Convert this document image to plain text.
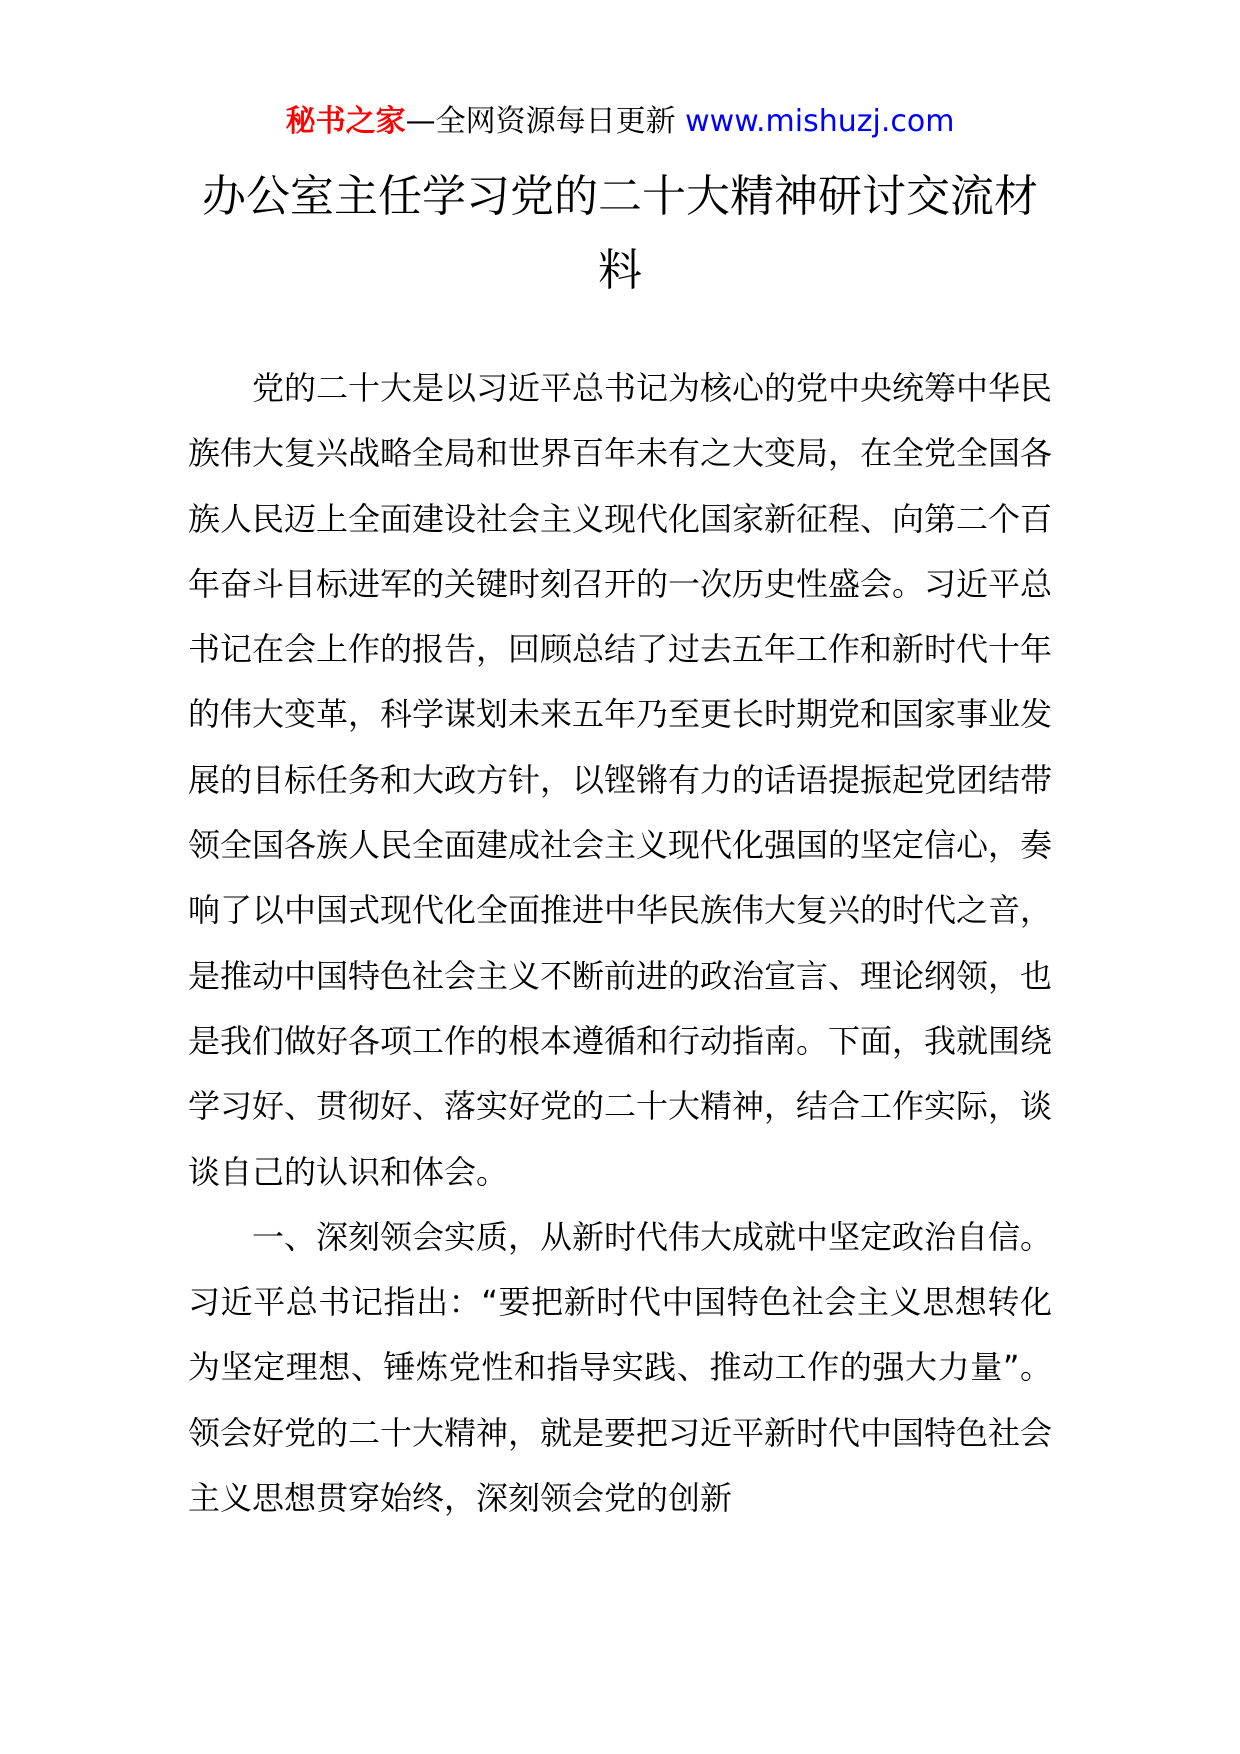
秘书之家—全网资源每日更新 www.mishuzj.com
办公室主任学习党的二十大精神研讨交流材料

党的二十大是以习近平总书记为核心的党中央统筹中华民族伟大复兴战略全局和世界百年未有之大变局，在全党全国各族人民迈上全面建设社会主义现代化国家新征程、向第二个百年奋斗目标进军的关键时刻召开的一次历史性盛会。习近平总书记在会上作的报告，回顾总结了过去五年工作和新时代十年的伟大变革，科学谋划未来五年乃至更长时期党和国家事业发展的目标任务和大政方针，以铿锵有力的话语提振起党团结带领全国各族人民全面建成社会主义现代化强国的坚定信心，奏响了以中国式现代化全面推进中华民族伟大复兴的时代之音，是推动中国特色社会主义不断前进的政治宣言、理论纲领，也是我们做好各项工作的根本遵循和行动指南。下面，我就围绕学习好、贯彻好、落实好党的二十大精神，结合工作实际，谈谈自己的认识和体会。

一、深刻领会实质，从新时代伟大成就中坚定政治自信。习近平总书记指出：“要把新时代中国特色社会主义思想转化为坚定理想、锤炼党性和指导实践、推动工作的强大力量”。领会好党的二十大精神，就是要把习近平新时代中国特色社会主义思想贯穿始终，深刻领会党的创新
